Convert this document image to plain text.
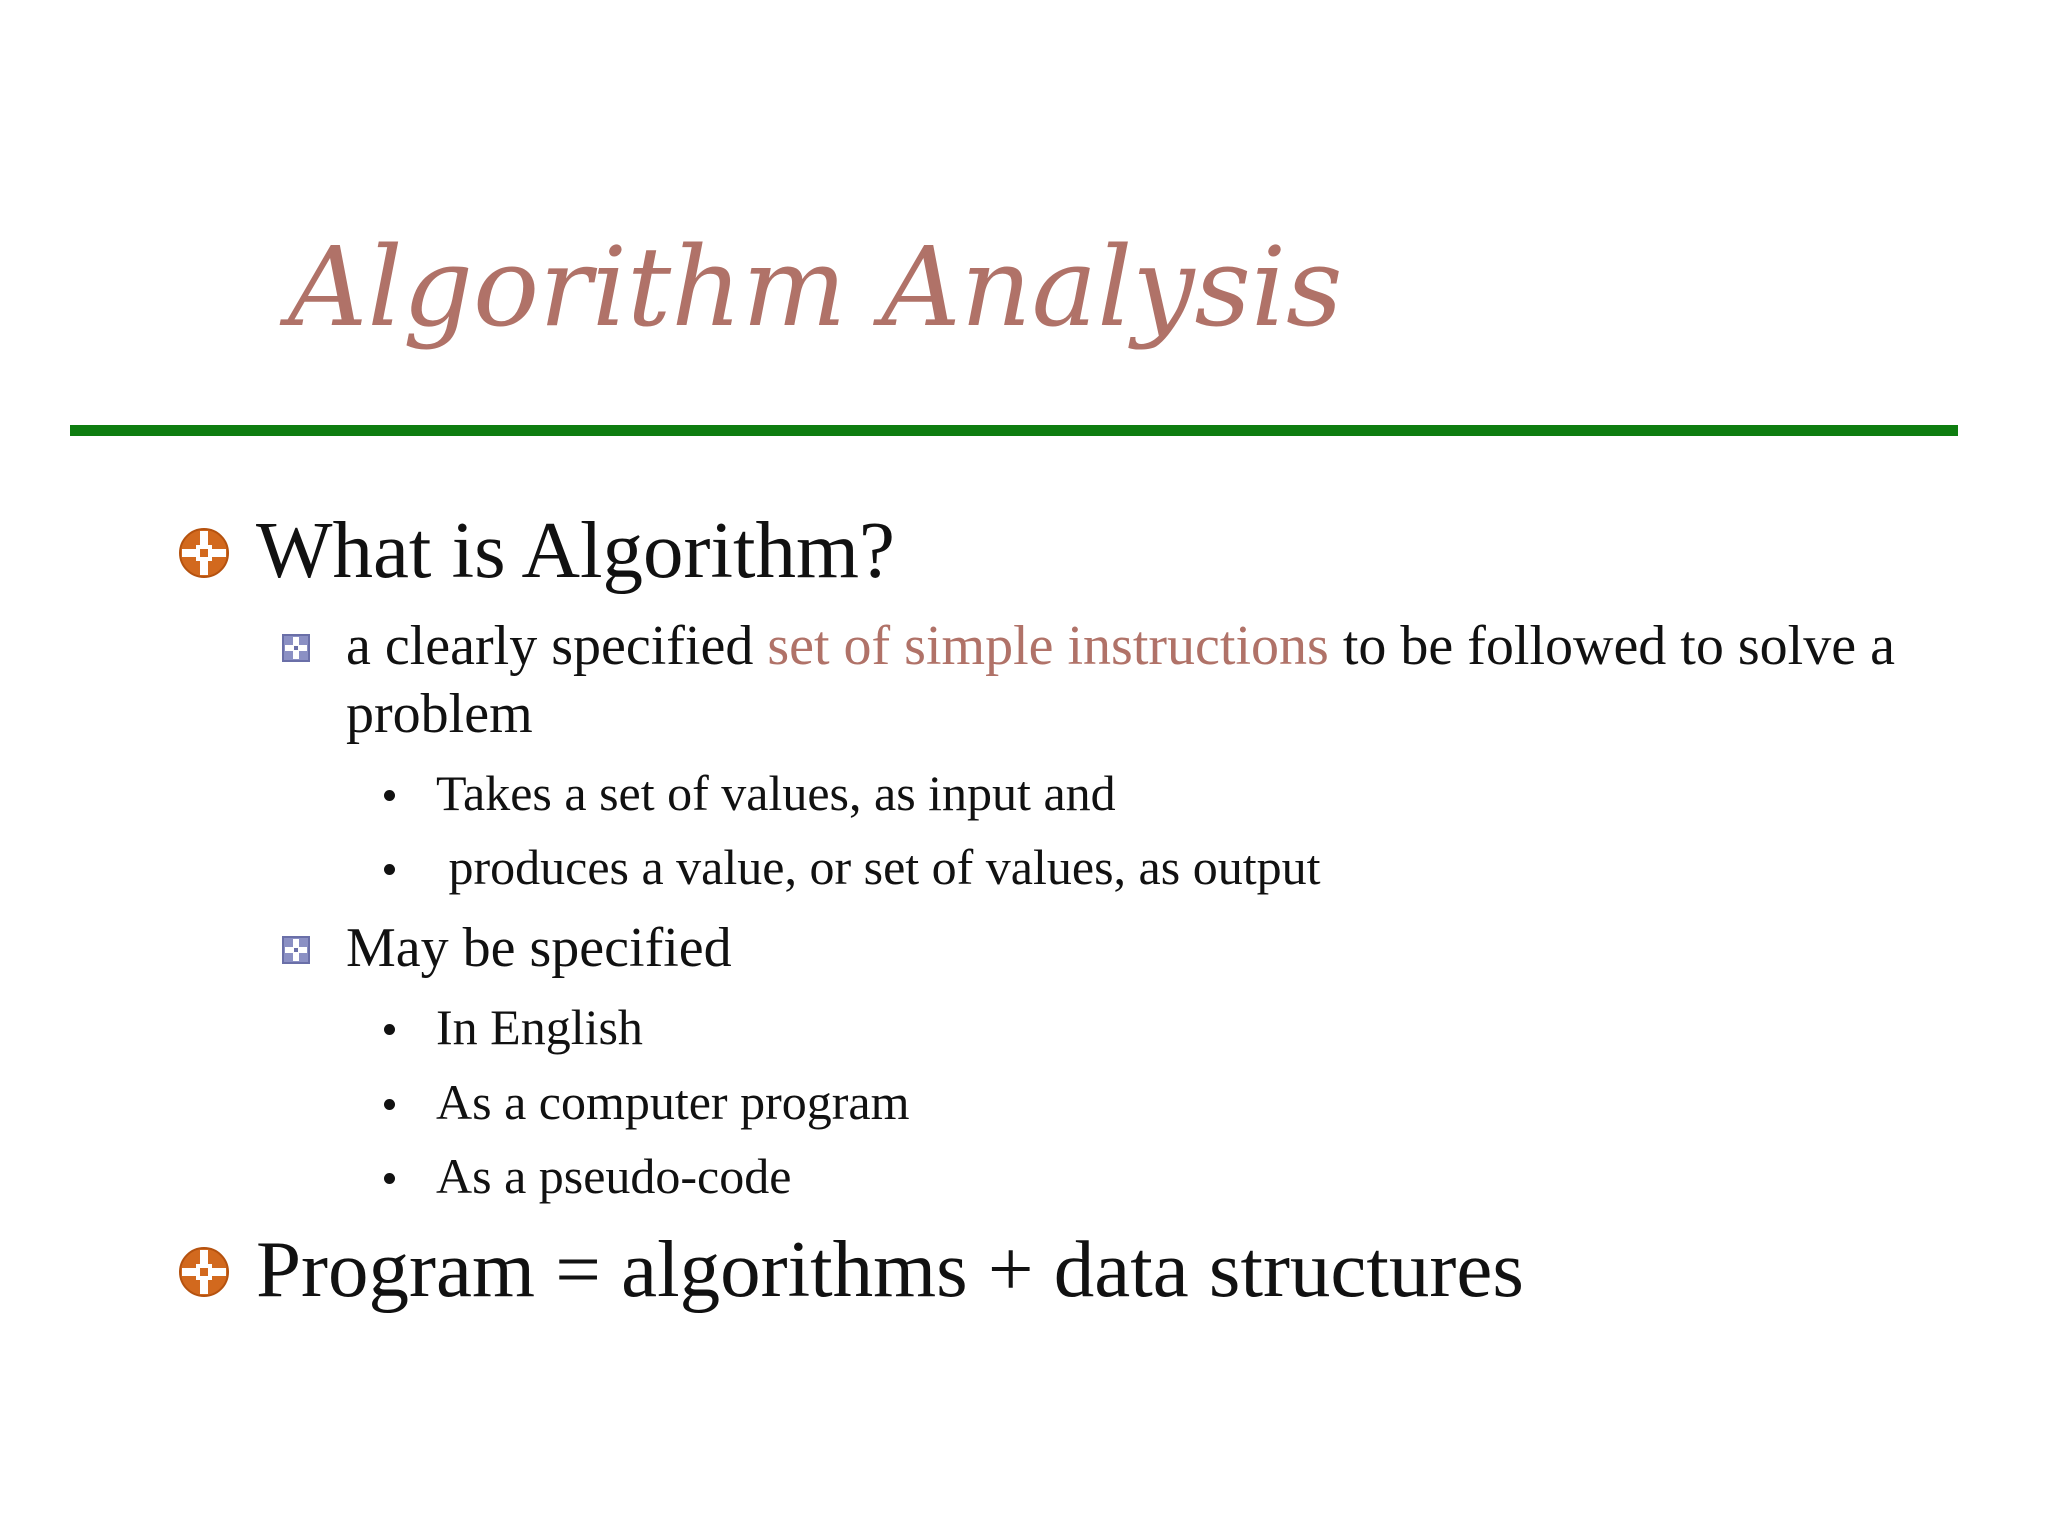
Algorithm Analysis
What is Algorithm?
a clearly specified set of simple instructions to be followed to solve a problem
Takes a set of values, as input and
produces a value, or set of values, as output
May be specified
In English
As a computer program
As a pseudo-code
Program = algorithms + data structures
